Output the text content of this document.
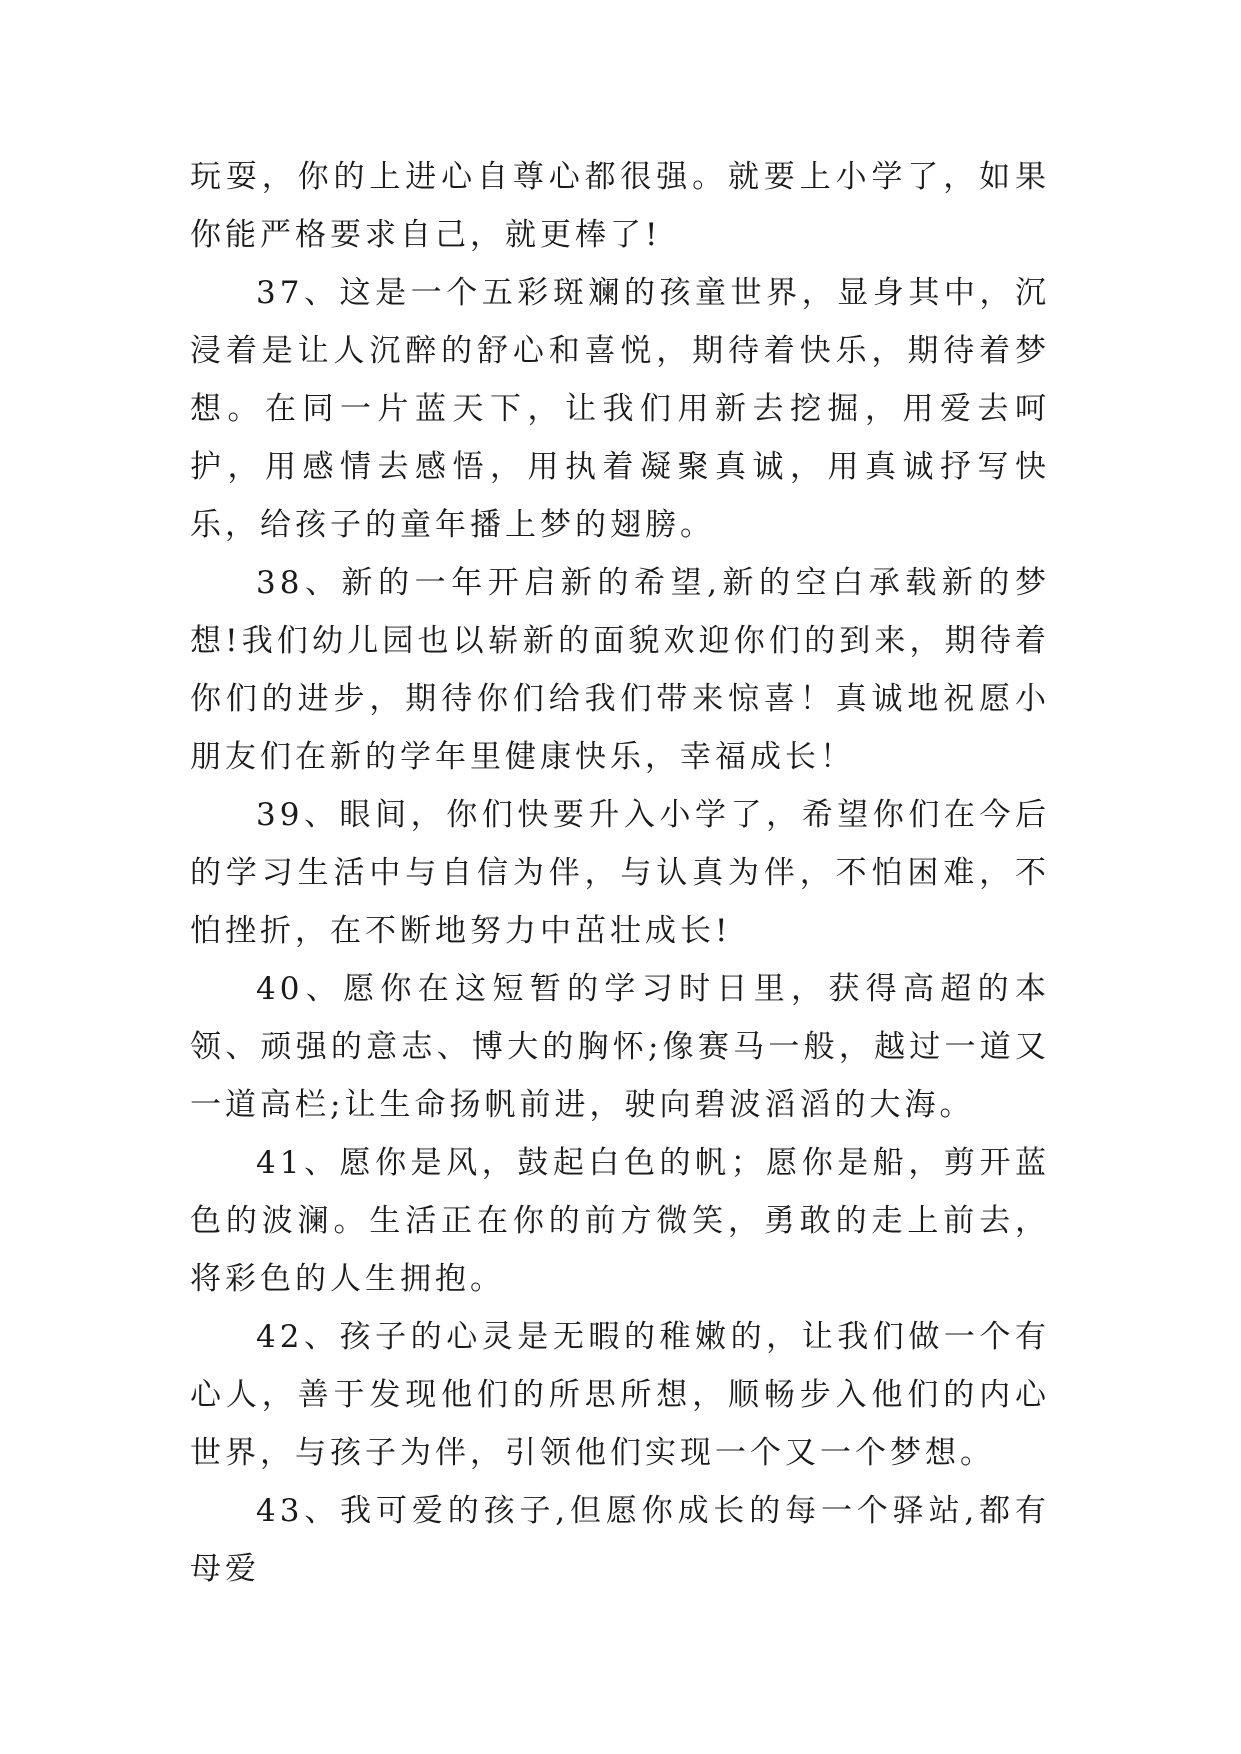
玩耍，你的上进心自尊心都很强。就要上小学了，如果你能严格要求自己，就更棒了!

37、这是一个五彩斑斓的孩童世界，显身其中，沉浸着是让人沉醉的舒心和喜悦，期待着快乐，期待着梦想。在同一片蓝天下，让我们用新去挖掘，用爱去呵护，用感情去感悟，用执着凝聚真诚，用真诚抒写快乐，给孩子的童年播上梦的翅膀。

38、新的一年开启新的希望,新的空白承载新的梦想!我们幼儿园也以崭新的面貌欢迎你们的到来，期待着你们的进步，期待你们给我们带来惊喜！真诚地祝愿小朋友们在新的学年里健康快乐，幸福成长！

39、眼间，你们快要升入小学了，希望你们在今后的学习生活中与自信为伴，与认真为伴，不怕困难，不怕挫折，在不断地努力中茁壮成长!

40、愿你在这短暂的学习时日里，获得高超的本领、顽强的意志、博大的胸怀;像赛马一般，越过一道又一道高栏;让生命扬帆前进，驶向碧波滔滔的大海。

41、愿你是风，鼓起白色的帆；愿你是船，剪开蓝色的波澜。生活正在你的前方微笑，勇敢的走上前去，将彩色的人生拥抱。

42、孩子的心灵是无暇的稚嫩的，让我们做一个有心人，善于发现他们的所思所想，顺畅步入他们的内心世界，与孩子为伴，引领他们实现一个又一个梦想。

43、我可爱的孩子,但愿你成长的每一个驿站,都有母爱
